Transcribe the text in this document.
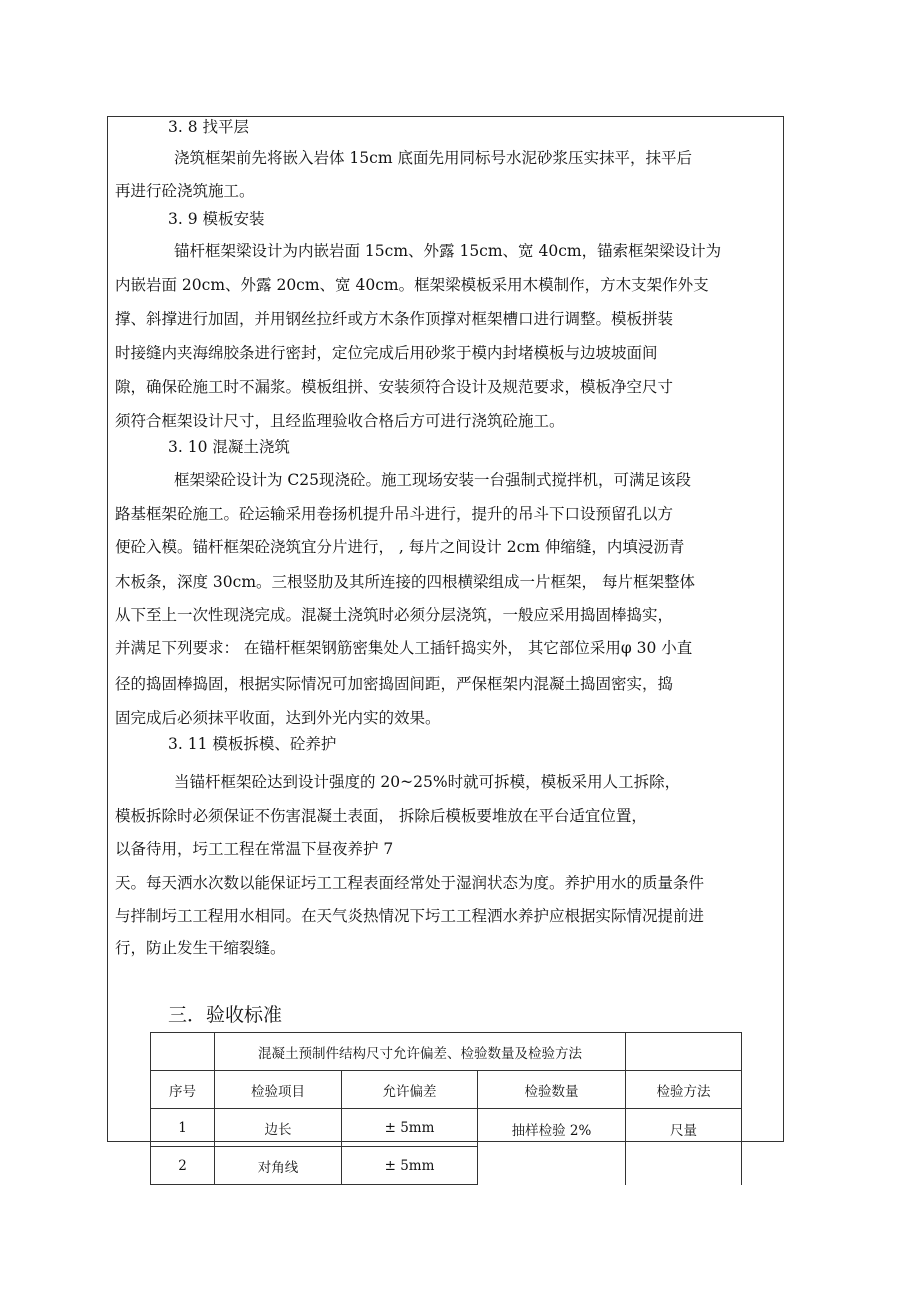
3. 8 找平层
浇筑框架前先将嵌入岩体 15cm 底面先用同标号水泥砂浆压实抹平，抹平后
再进行砼浇筑施工。
3. 9 模板安装
锚杆框架梁设计为内嵌岩面 15cm、外露 15cm、宽 40cm，锚索框架梁设计为
内嵌岩面 20cm、外露 20cm、宽 40cm。框架梁模板采用木模制作，方木支架作外支
撑、斜撑进行加固，并用钢丝拉纤或方木条作顶撑对框架槽口进行调整。模板拼装
时接缝内夹海绵胶条进行密封，定位完成后用砂浆于模内封堵模板与边坡坡面间
隙，确保砼施工时不漏浆。模板组拼、安装须符合设计及规范要求，模板净空尺寸
须符合框架设计尺寸，且经监理验收合格后方可进行浇筑砼施工。
3. 10 混凝土浇筑
框架梁砼设计为 C25现浇砼。施工现场安装一台强制式搅拌机，可满足该段
路基框架砼施工。砼运输采用卷扬机提升吊斗进行，提升的吊斗下口设预留孔以方
便砼入模。锚杆框架砼浇筑宜分片进行， , 每片之间设计 2cm 伸缩缝，内填浸沥青
木板条，深度 30cm。三根竖肋及其所连接的四根横梁组成一片框架， 每片框架整体
从下至上一次性现浇完成。混凝土浇筑时必须分层浇筑，一般应采用捣固棒捣实，
并满足下列要求： 在锚杆框架钢筋密集处人工插钎捣实外， 其它部位采用φ 30 小直
径的捣固棒捣固，根据实际情况可加密捣固间距，严保框架内混凝土捣固密实，捣
固完成后必须抹平收面，达到外光内实的效果。
3. 11 模板拆模、砼养护
当锚杆框架砼达到设计强度的 20~25%时就可拆模，模板采用人工拆除，
模板拆除时必须保证不伤害混凝土表面， 拆除后模板要堆放在平台适宜位置，
以备待用，圬工工程在常温下昼夜养护 7
天。每天洒水次数以能保证圬工工程表面经常处于湿润状态为度。养护用水的质量条件
与拌制圬工工程用水相同。在天气炎热情况下圬工工程洒水养护应根据实际情况提前进
行，防止发生干缩裂缝。
三．验收标准
	混凝土预制件结构尺寸允许偏差、检验数量及检验方法			
序号	检验项目	允许偏差	检验数量	检验方法
1	边长	± 5mm	抽样检验 2%	尺量
2	对角线	± 5mm		
